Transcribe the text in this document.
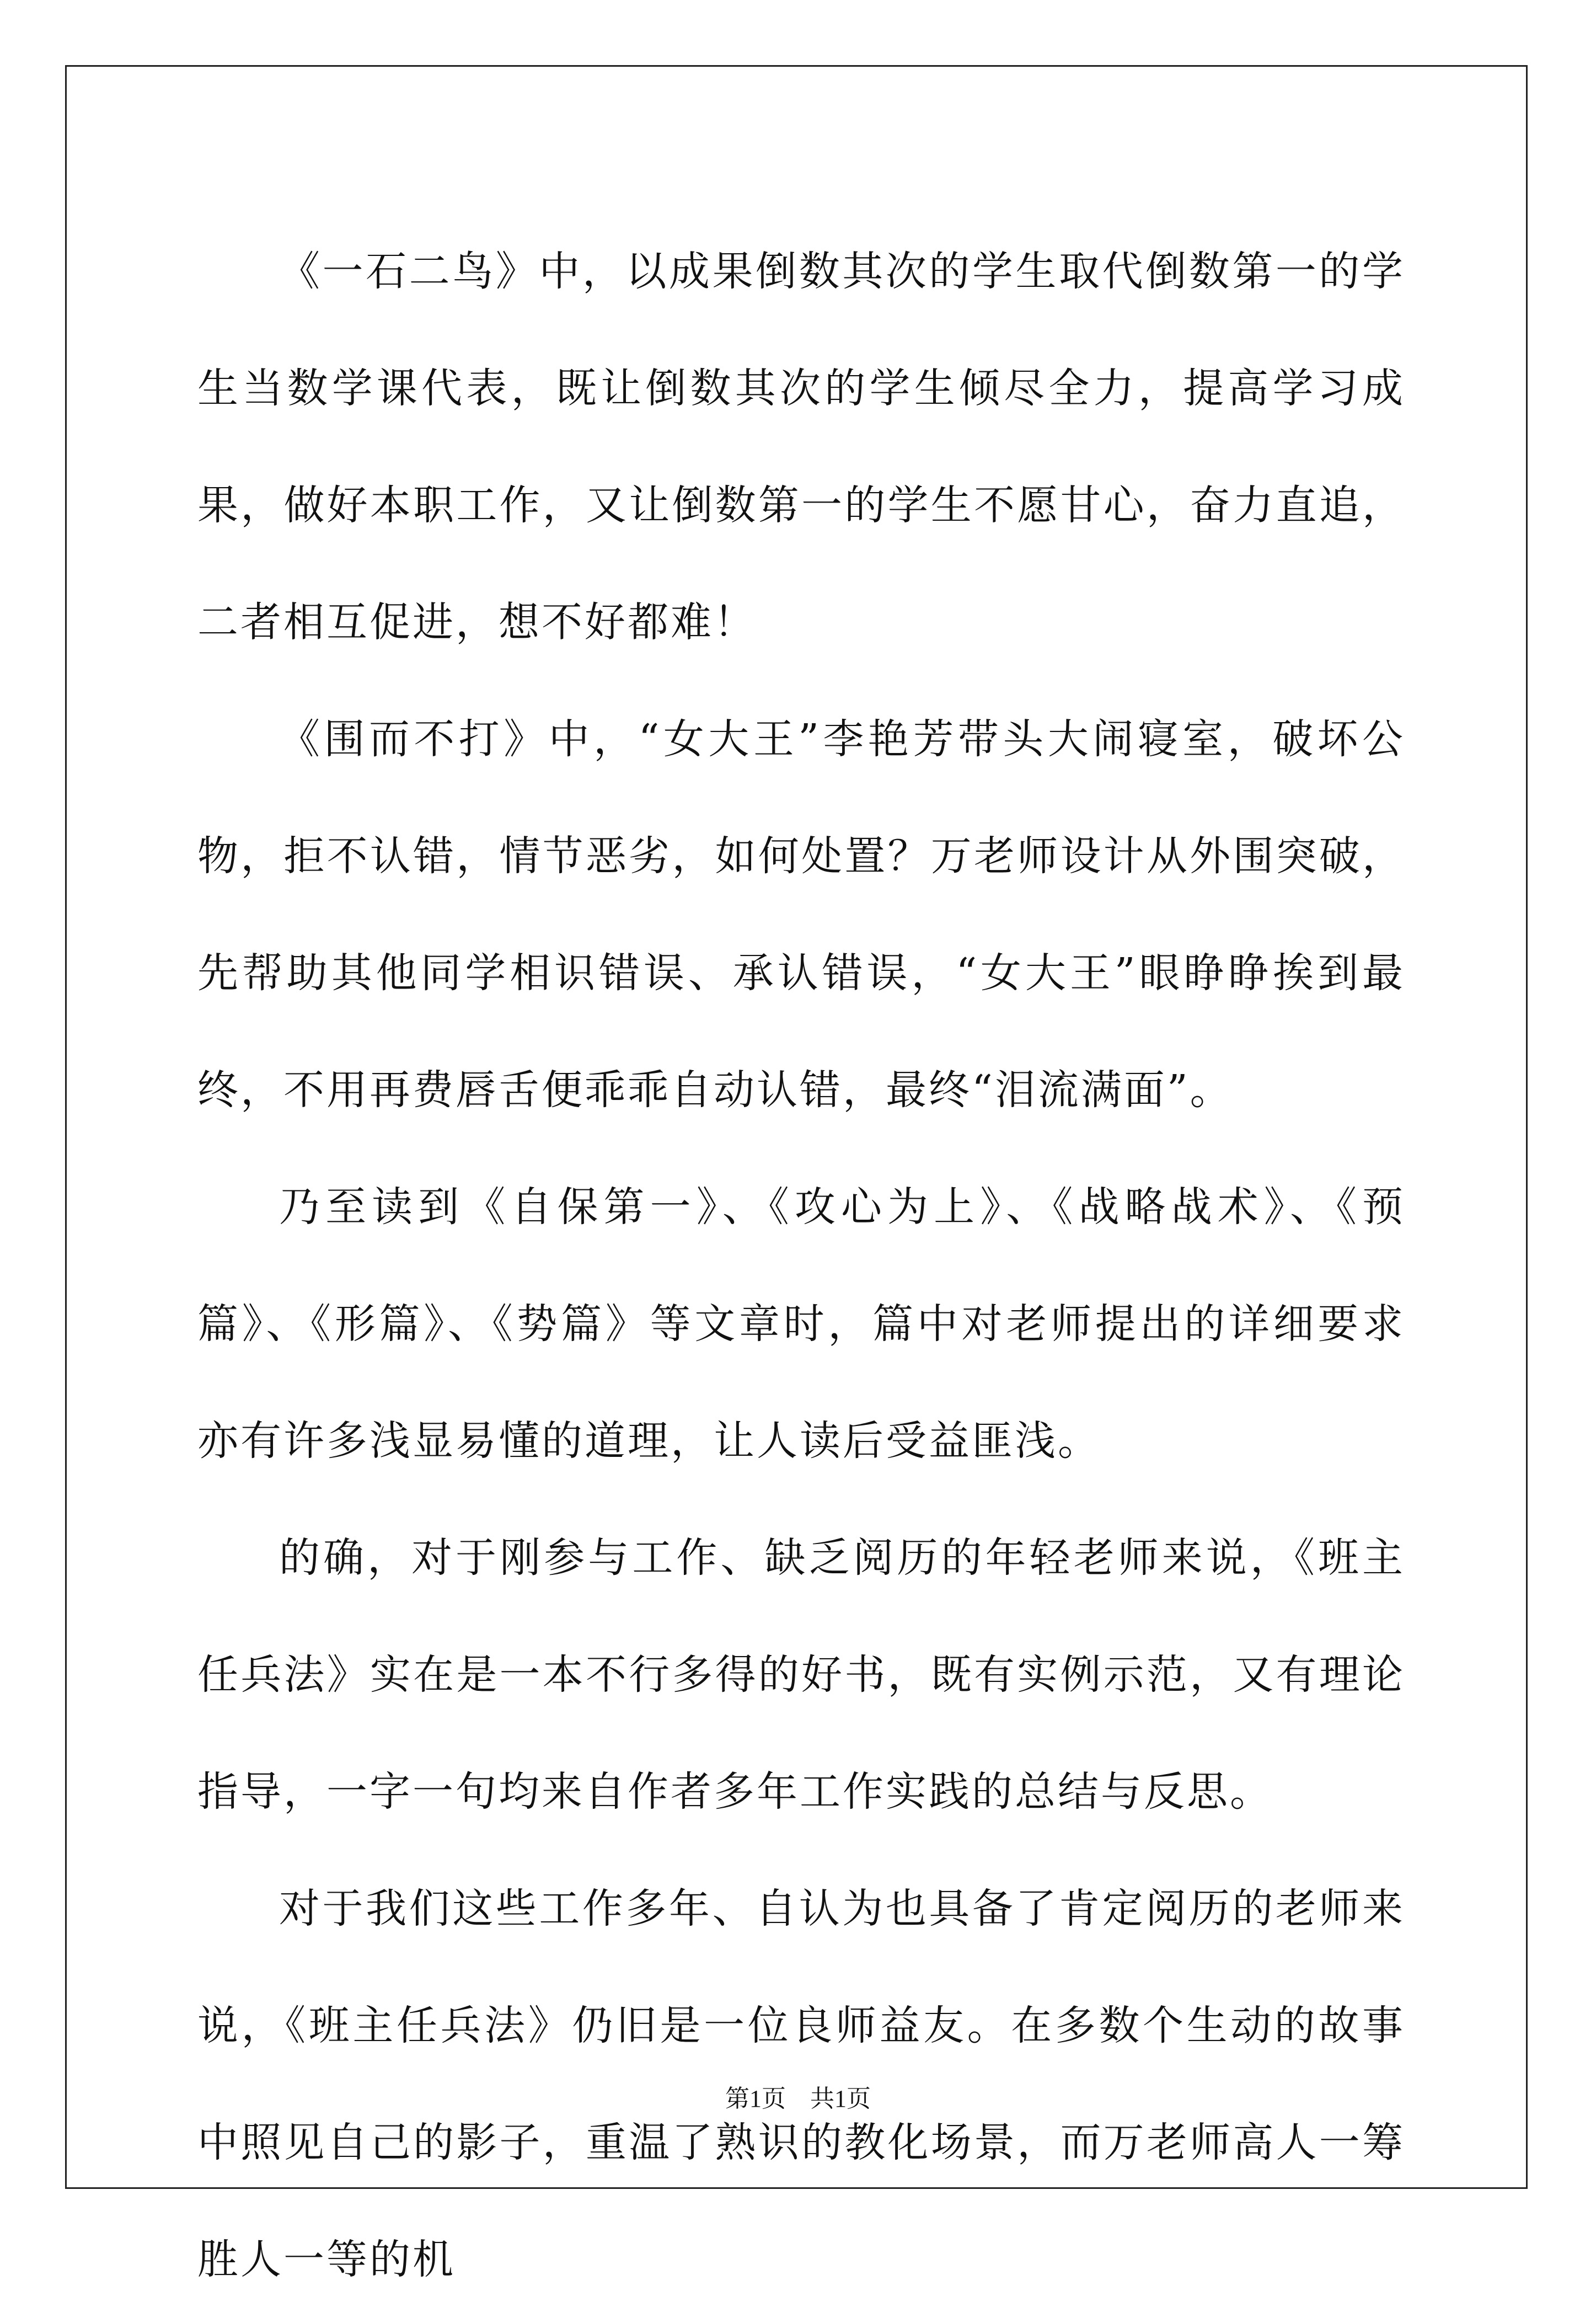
《一石二鸟》中，以成果倒数其次的学生取代倒数第一的学生当数学课代表，既让倒数其次的学生倾尽全力，提高学习成果，做好本职工作，又让倒数第一的学生不愿甘心，奋力直追，二者相互促进，想不好都难！

《围而不打》中，“女大王”李艳芳带头大闹寝室，破坏公物，拒不认错，情节恶劣，如何处置？万老师设计从外围突破，先帮助其他同学相识错误、承认错误，“女大王”眼睁睁挨到最终，不用再费唇舌便乖乖自动认错，最终“泪流满面”。

乃至读到《自保第一》、《攻心为上》、《战略战术》、《预篇》、《形篇》、《势篇》等文章时，篇中对老师提出的详细要求亦有许多浅显易懂的道理，让人读后受益匪浅。

的确，对于刚参与工作、缺乏阅历的年轻老师来说，《班主任兵法》实在是一本不行多得的好书，既有实例示范，又有理论指导，一字一句均来自作者多年工作实践的总结与反思。

对于我们这些工作多年、自认为也具备了肯定阅历的老师来说，《班主任兵法》仍旧是一位良师益友。在多数个生动的故事中照见自己的影子，重温了熟识的教化场景，而万老师高人一筹胜人一等的机

第1页　共1页
